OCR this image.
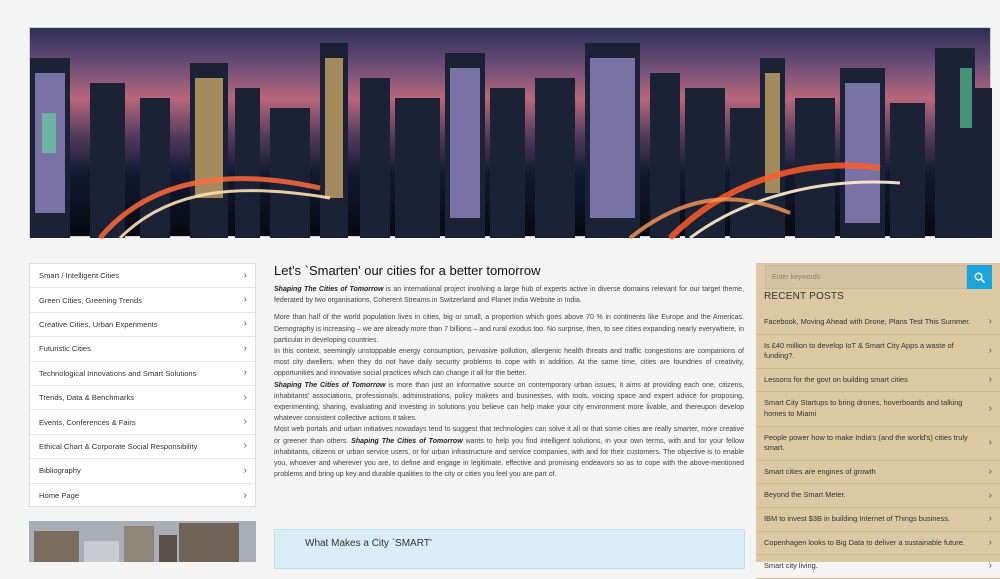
Smart / Intelligent Cities	›
Green Cities, Greening Trends	›
Creative Cities, Urban Experiments	›
Futuristic Cities	›
Technological Innovations and Smart Solutions	›
Trends, Data & Benchmarks	›
Events, Conferences & Fairs	›
Ethical Chart & Corporate Social Responsibility	›
Bibliography	›
Home Page	›
Let's `Smarten' our cities for a better tomorrow

Shaping The Cities of Tomorrow is an international project involving a large hub of experts active in diverse domains relevant for our target theme, federated by two organisations, Coherent Streams in Switzerland and Planet India Website in India.

More than half of the world population lives in cities, big or small, a proportion which goes above 70 % in continents like Europe and the Americas. Demography is increasing – we are already more than 7 billions – and rural exodus too. No surprise, then, to see cities expanding nearly everywhere, in particular in developing countries.
In this context, seemingly unstoppable energy consumption, pervasive pollution, allergenic health threats and traffic congestions are companions of most city dwellers, when they do not have daily security problems to cope with in addition. At the same time, cities are foundries of creativity, opportunities and innovative social practices which can change it all for the better.
Shaping The Cities of Tomorrow is more than just an informative source on contemporary urban issues, it aims at providing each one, citizens, inhabitants' associations, professionals, administrations, policy makers and businesses, with tools, voicing space and expert advice for proposing, experimenting, sharing, evaluating and investing in solutions you believe can help make your city environment more livable, and thereupon develop whatever consistent collective actions it takes.
Most web portals and urban initiatives nowadays tend to suggest that technologies can solve it all or that some cities are really smarter, more creative or greener than others. Shaping The Cities of Tomorrow wants to help you find intelligent solutions, in your own terms, with and for your fellow inhabitants, citizens or urban service users, or for urban infrastructure and service companies, with and for their customers. The objective is to enable you, whoever and wherever you are, to define and engage in legitimate, effective and promising endeavors so as to cope with the above-mentioned problems and bring up key and durable qualities to the city or cities you feel you are part of.

What Makes a City `SMART'
Enter keywords
RECENT POSTS
Facebook, Moving Ahead with Drone, Plans Test This Summer. ›
Is £40 million to develop IoT & Smart City Apps a waste of funding?.	›
Lessons for the govt on building smart cities	›
Smart City Startups to bring drones, hoverboards and talking homes to Miami	›
People power how to make India's (and the world's) cities truly smart.	›
Smart cities are engines of growth	›
Beyond the Smart Meter.	›
IBM to invest $3B in building Internet of Things business.	›
Copenhagen looks to Big Data to deliver a sustainable future. ›
Smart city living.	›
